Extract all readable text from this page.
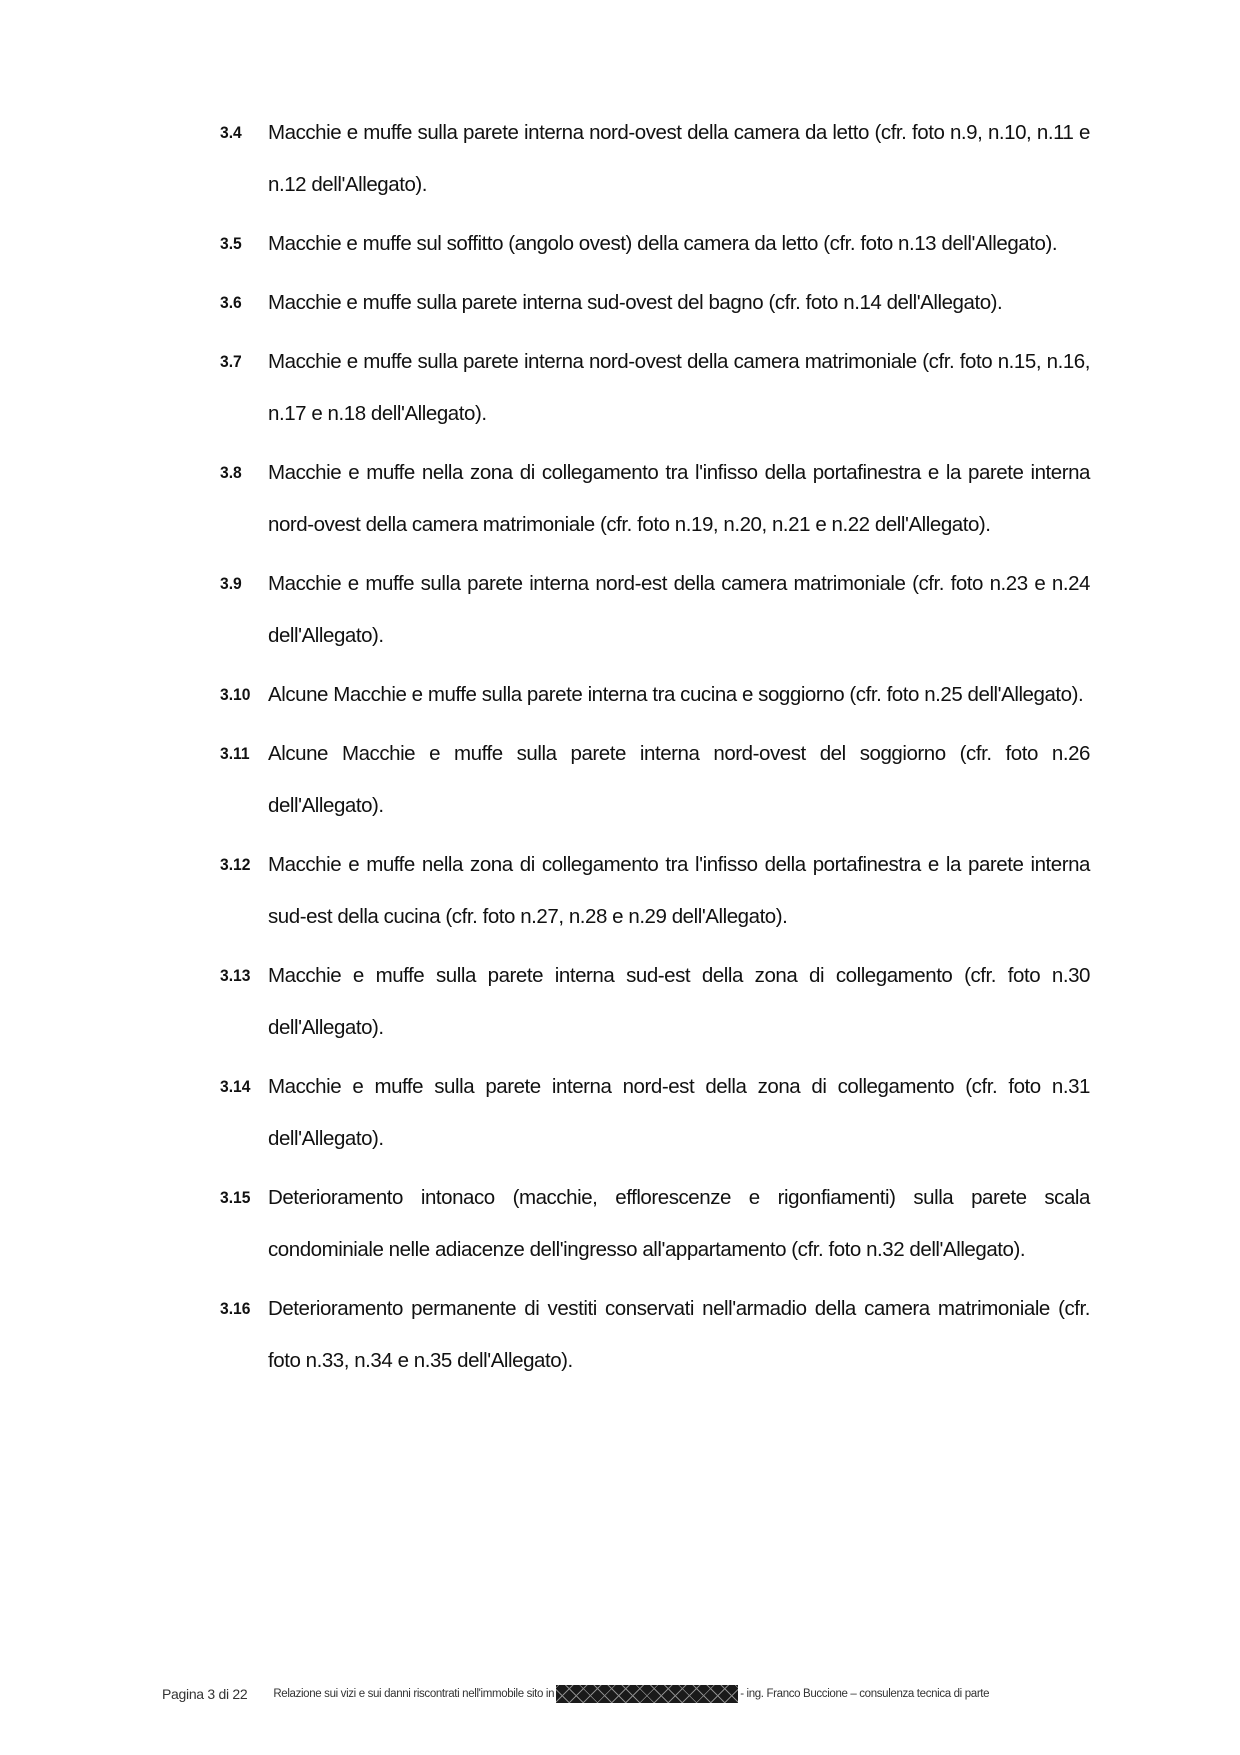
3.4	Macchie e muffe sulla parete interna nord-ovest della camera da letto (cfr. foto n.9, n.10, n.11 e n.12 dell'Allegato).
3.5	Macchie e muffe sul soffitto (angolo ovest) della camera da letto (cfr. foto n.13 dell'Allegato).
3.6	Macchie e muffe sulla parete interna sud-ovest del bagno (cfr. foto n.14 dell'Allegato).
3.7	Macchie e muffe sulla parete interna nord-ovest della camera matrimoniale (cfr. foto n.15, n.16, n.17 e n.18 dell'Allegato).
3.8	Macchie e muffe nella zona di collegamento tra l'infisso della portafinestra e la parete interna nord-ovest della camera matrimoniale (cfr. foto n.19, n.20, n.21 e n.22 dell'Allegato).
3.9	Macchie e muffe sulla parete interna nord-est della camera matrimoniale (cfr. foto n.23 e n.24 dell'Allegato).
3.10 Alcune Macchie e muffe sulla parete interna tra cucina e soggiorno (cfr. foto n.25 dell'Allegato).
3.11 Alcune Macchie e muffe sulla parete interna nord-ovest del soggiorno (cfr. foto n.26 dell'Allegato).
3.12 Macchie e muffe nella zona di collegamento tra l'infisso della portafinestra e la parete interna sud-est della cucina (cfr. foto n.27, n.28 e n.29 dell'Allegato).
3.13 Macchie e muffe sulla parete interna sud-est della zona di collegamento (cfr. foto n.30 dell'Allegato).
3.14 Macchie e muffe sulla parete interna nord-est della zona di collegamento (cfr. foto n.31 dell'Allegato).
3.15 Deterioramento intonaco (macchie, efflorescenze e rigonfiamenti) sulla parete scala condominiale nelle adiacenze dell'ingresso all'appartamento (cfr. foto n.32 dell'Allegato).
3.16 Deterioramento permanente di vestiti conservati nell'armadio della camera matrimoniale (cfr. foto n.33, n.34 e n.35 dell'Allegato).
Pagina 3 di 22 Relazione sui vizi e sui danni riscontrati nell'immobile sito in	- ing. Franco Buccione – consulenza tecnica di parte
